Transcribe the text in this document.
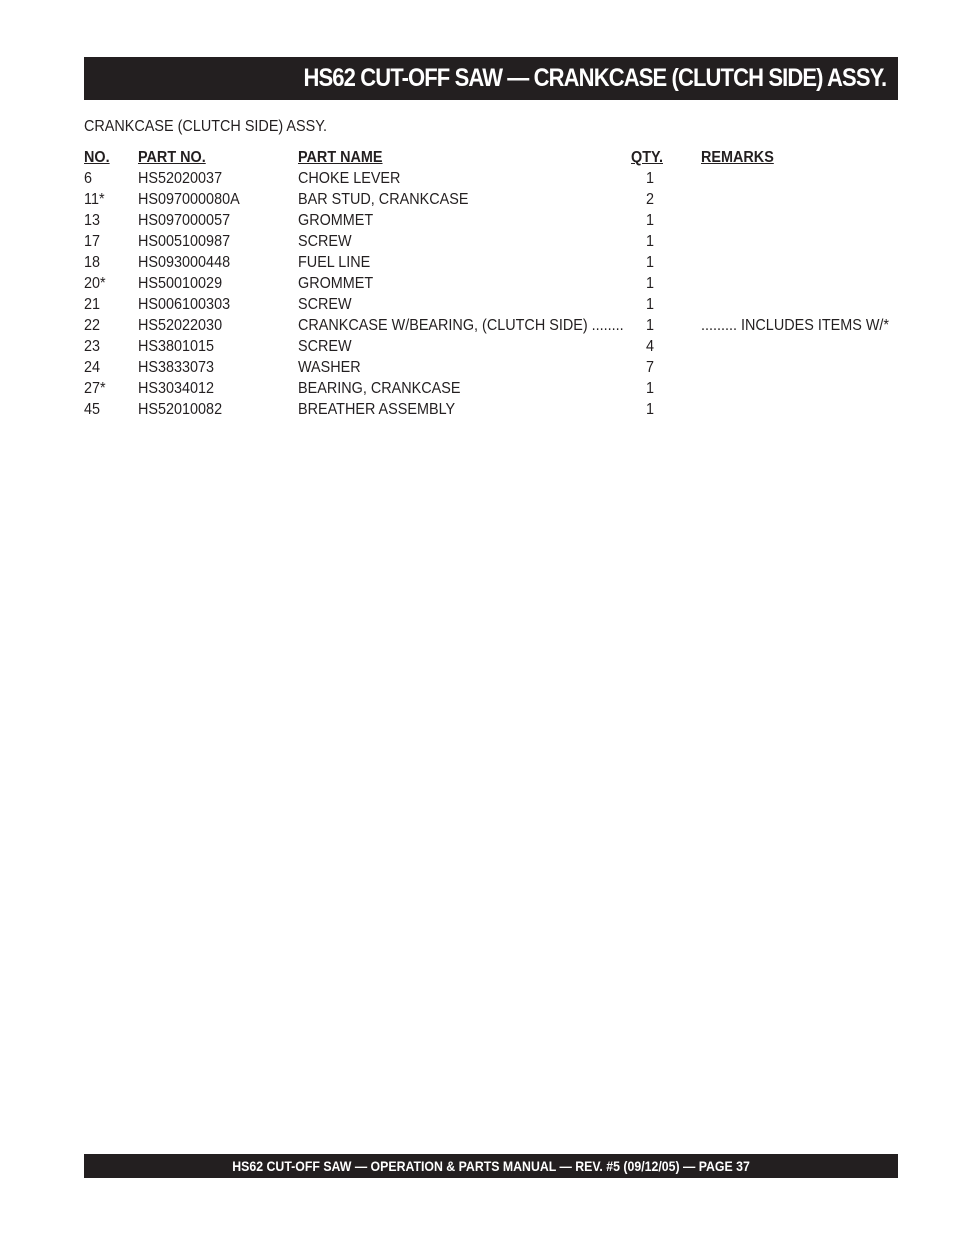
HS62 CUT-OFF SAW — CRANKCASE (CLUTCH SIDE) ASSY.
CRANKCASE (CLUTCH SIDE) ASSY.
NO. PART NO.	PART NAME	QTY. REMARKS
6	HS52020037	CHOKE LEVER	1
11* HS097000080A	BAR STUD, CRANKCASE	2
13 HS097000057	GROMMET	1
17 HS005100987	SCREW	1
18 HS093000448	FUEL LINE	1
20* HS50010029	GROMMET	1
21 HS006100303	SCREW	1
22 HS52022030	CRANKCASE W/BEARING, (CLUTCH SIDE) ........ 1	......... INCLUDES ITEMS W/*
23 HS3801015	SCREW	4
24 HS3833073	WASHER	7
27* HS3034012	BEARING, CRANKCASE	1
45 HS52010082	BREATHER ASSEMBLY	1
HS62 CUT-OFF SAW — OPERATION & PARTS MANUAL — REV. #5 (09/12/05) — PAGE 37
